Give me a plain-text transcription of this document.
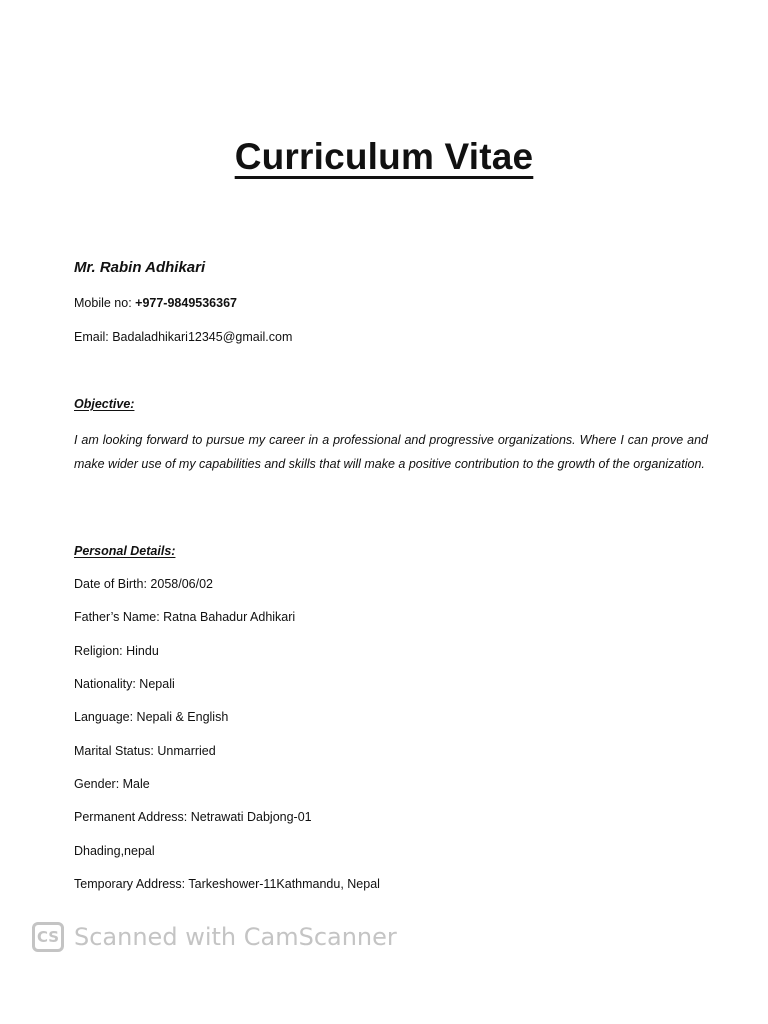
Curriculum Vitae
Mr. Rabin Adhikari
Mobile no: +977-9849536367
Email: Badaladhikari12345@gmail.com
Objective:
I am looking forward to pursue my career in a professional and progressive organizations. Where I can prove and make wider use of my capabilities and skills that will make a positive contribution to the growth of the organization.
Personal Details:
Date of Birth: 2058/06/02
Father’s Name: Ratna Bahadur Adhikari
Religion: Hindu
Nationality: Nepali
Language: Nepali & English
Marital Status: Unmarried
Gender: Male
Permanent Address: Netrawati Dabjong-01
Dhading,nepal
Temporary Address: Tarkeshower-11Kathmandu, Nepal
CS Scanned with CamScanner
